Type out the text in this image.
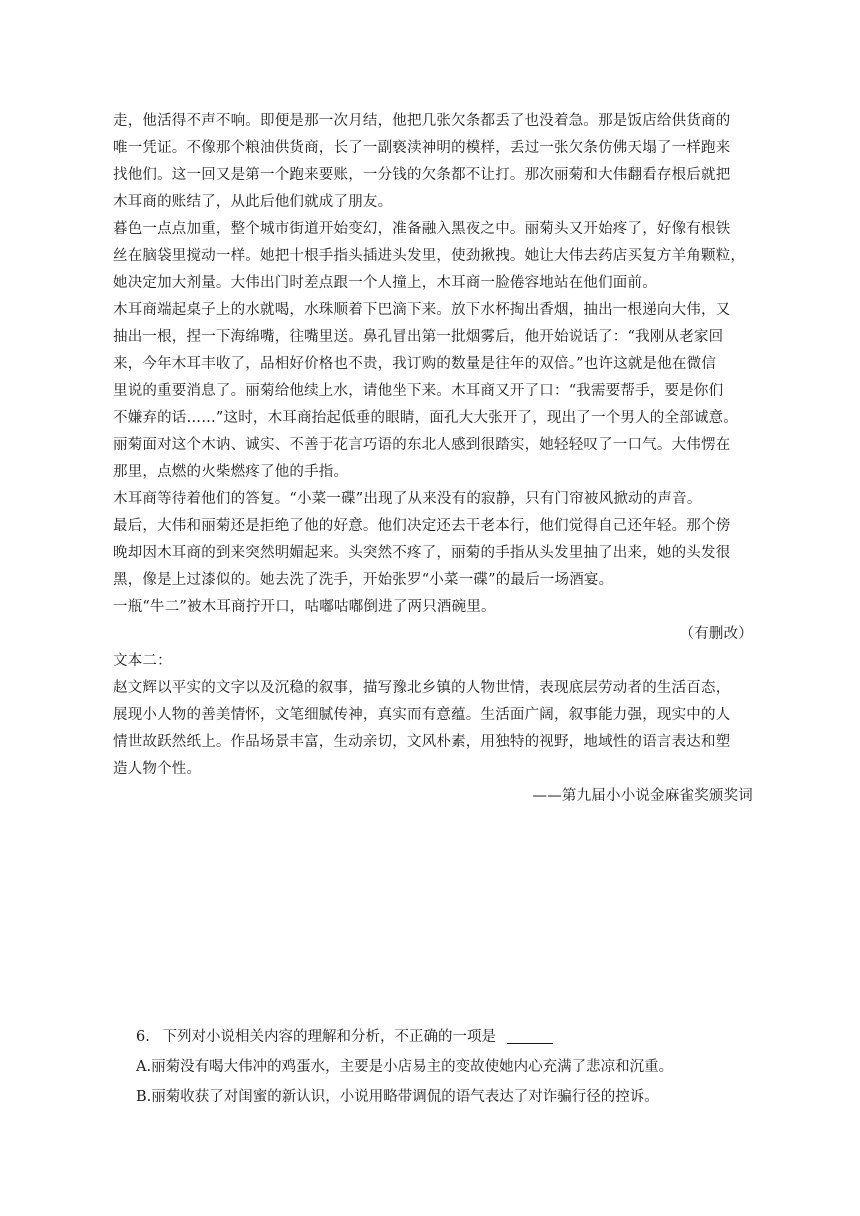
走，他活得不声不响。即便是那一次月结，他把几张欠条都丢了也没着急。那是饭店给供货商的
唯一凭证。不像那个粮油供货商，长了一副亵渎神明的模样，丢过一张欠条仿佛天塌了一样跑来
找他们。这一回又是第一个跑来要账，一分钱的欠条都不让打。那次丽菊和大伟翻看存根后就把
木耳商的账结了，从此后他们就成了朋友。
暮色一点点加重，整个城市街道开始变幻，准备融入黑夜之中。丽菊头又开始疼了，好像有根铁
丝在脑袋里搅动一样。她把十根手指头插进头发里，使劲揪拽。她让大伟去药店买复方羊角颗粒，
她决定加大剂量。大伟出门时差点跟一个人撞上，木耳商一脸倦容地站在他们面前。
木耳商端起桌子上的水就喝，水珠顺着下巴滴下来。放下水杯掏出香烟，抽出一根递向大伟，又
抽出一根，捏一下海绵嘴，往嘴里送。鼻孔冒出第一批烟雾后，他开始说话了：“我刚从老家回
来，今年木耳丰收了，品相好价格也不贵，我订购的数量是往年的双倍。”也许这就是他在微信
里说的重要消息了。丽菊给他续上水，请他坐下来。木耳商又开了口：“我需要帮手，要是你们
不嫌弃的话……”这时，木耳商抬起低垂的眼睛，面孔大大张开了，现出了一个男人的全部诚意。
丽菊面对这个木讷、诚实、不善于花言巧语的东北人感到很踏实，她轻轻叹了一口气。大伟愣在
那里，点燃的火柴燃疼了他的手指。
木耳商等待着他们的答复。“小菜一碟”出现了从来没有的寂静，只有门帘被风掀动的声音。
最后，大伟和丽菊还是拒绝了他的好意。他们决定还去干老本行，他们觉得自己还年轻。那个傍
晚却因木耳商的到来突然明媚起来。头突然不疼了，丽菊的手指从头发里抽了出来，她的头发很
黑，像是上过漆似的。她去洗了洗手，开始张罗“小菜一碟”的最后一场酒宴。
一瓶“牛二”被木耳商拧开口，咕嘟咕嘟倒进了两只酒碗里。
（有删改）
文本二：
赵文辉以平实的文字以及沉稳的叙事，描写豫北乡镇的人物世情，表现底层劳动者的生活百态，
展现小人物的善美情怀，文笔细腻传神，真实而有意蕴。生活面广阔，叙事能力强，现实中的人
情世故跃然纸上。作品场景丰富，生动亲切，文风朴素，用独特的视野，地域性的语言表达和塑
造人物个性。
——第九届小小说金麻雀奖颁奖词
6. 下列对小说相关内容的理解和分析，不正确的一项是
A.丽菊没有喝大伟冲的鸡蛋水，主要是小店易主的变故使她内心充满了悲凉和沉重。
B.丽菊收获了对闺蜜的新认识，小说用略带调侃的语气表达了对诈骗行径的控诉。
